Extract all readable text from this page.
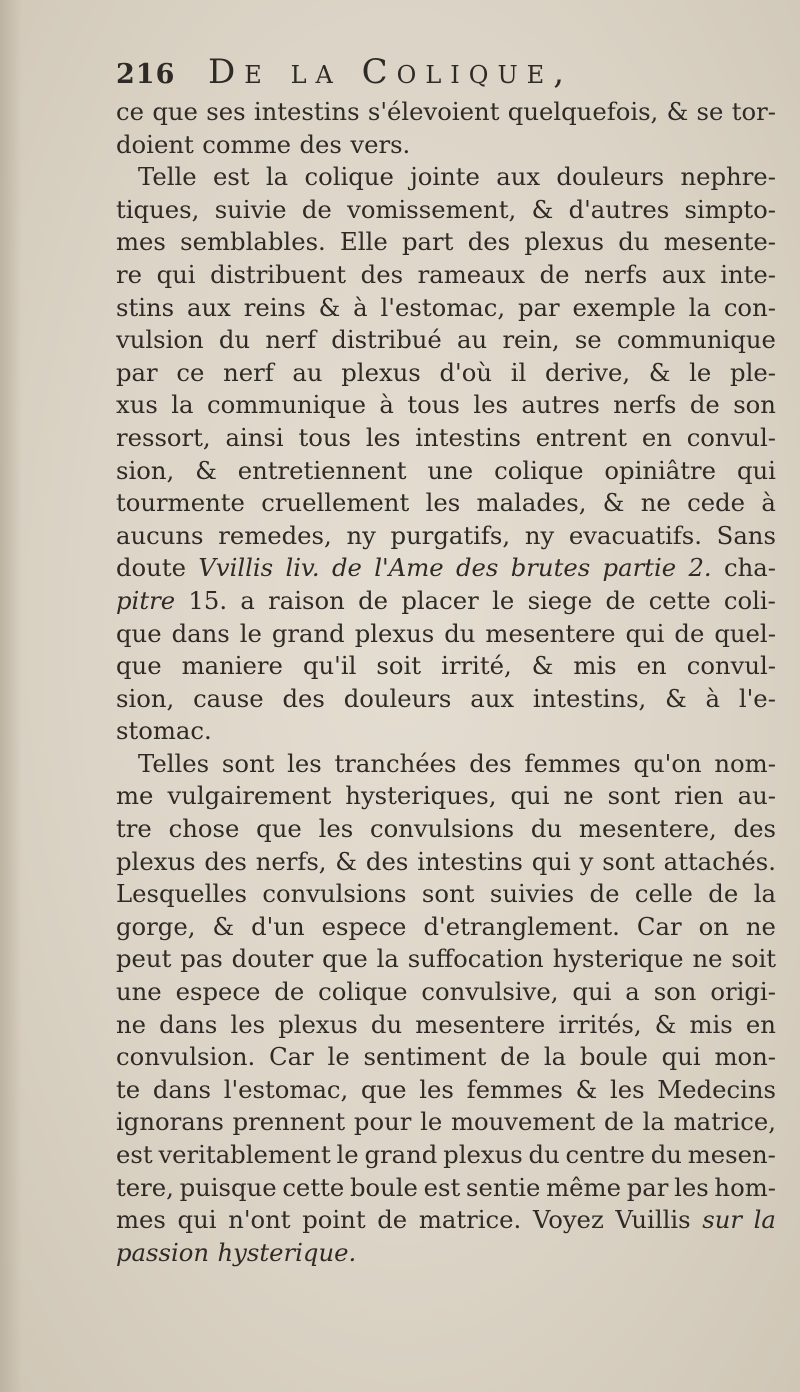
216 De la Colique,
ce que ses intestins s'élevoient quelquefois, & se tor-
doient comme des vers.
Telle est la colique jointe aux douleurs nephre-
tiques, suivie de vomissement, & d'autres simpto-
mes semblables. Elle part des plexus du mesente-
re qui distribuent des rameaux de nerfs aux inte-
stins aux reins & à l'estomac, par exemple la con-
vulsion du nerf distribué au rein, se communique
par ce nerf au plexus d'où il derive, & le ple-
xus la communique à tous les autres nerfs de son
ressort, ainsi tous les intestins entrent en convul-
sion, & entretiennent une colique opiniâtre qui
tourmente cruellement les malades, & ne cede à
aucuns remedes, ny purgatifs, ny evacuatifs. Sans
doute Vvillis liv. de l'Ame des brutes partie 2. cha-
pitre 15. a raison de placer le siege de cette coli-
que dans le grand plexus du mesentere qui de quel-
que maniere qu'il soit irrité, & mis en convul-
sion, cause des douleurs aux intestins, & à l'e-
stomac.
Telles sont les tranchées des femmes qu'on nom-
me vulgairement hysteriques, qui ne sont rien au-
tre chose que les convulsions du mesentere, des
plexus des nerfs, & des intestins qui y sont attachés.
Lesquelles convulsions sont suivies de celle de la
gorge, & d'un espece d'etranglement. Car on ne
peut pas douter que la suffocation hysterique ne soit
une espece de colique convulsive, qui a son origi-
ne dans les plexus du mesentere irrités, & mis en
convulsion. Car le sentiment de la boule qui mon-
te dans l'estomac, que les femmes & les Medecins
ignorans prennent pour le mouvement de la matrice,
est veritablement le grand plexus du centre du mesen-
tere, puisque cette boule est sentie même par les hom-
mes qui n'ont point de matrice. Voyez Vuillis sur la
passion hysterique.
